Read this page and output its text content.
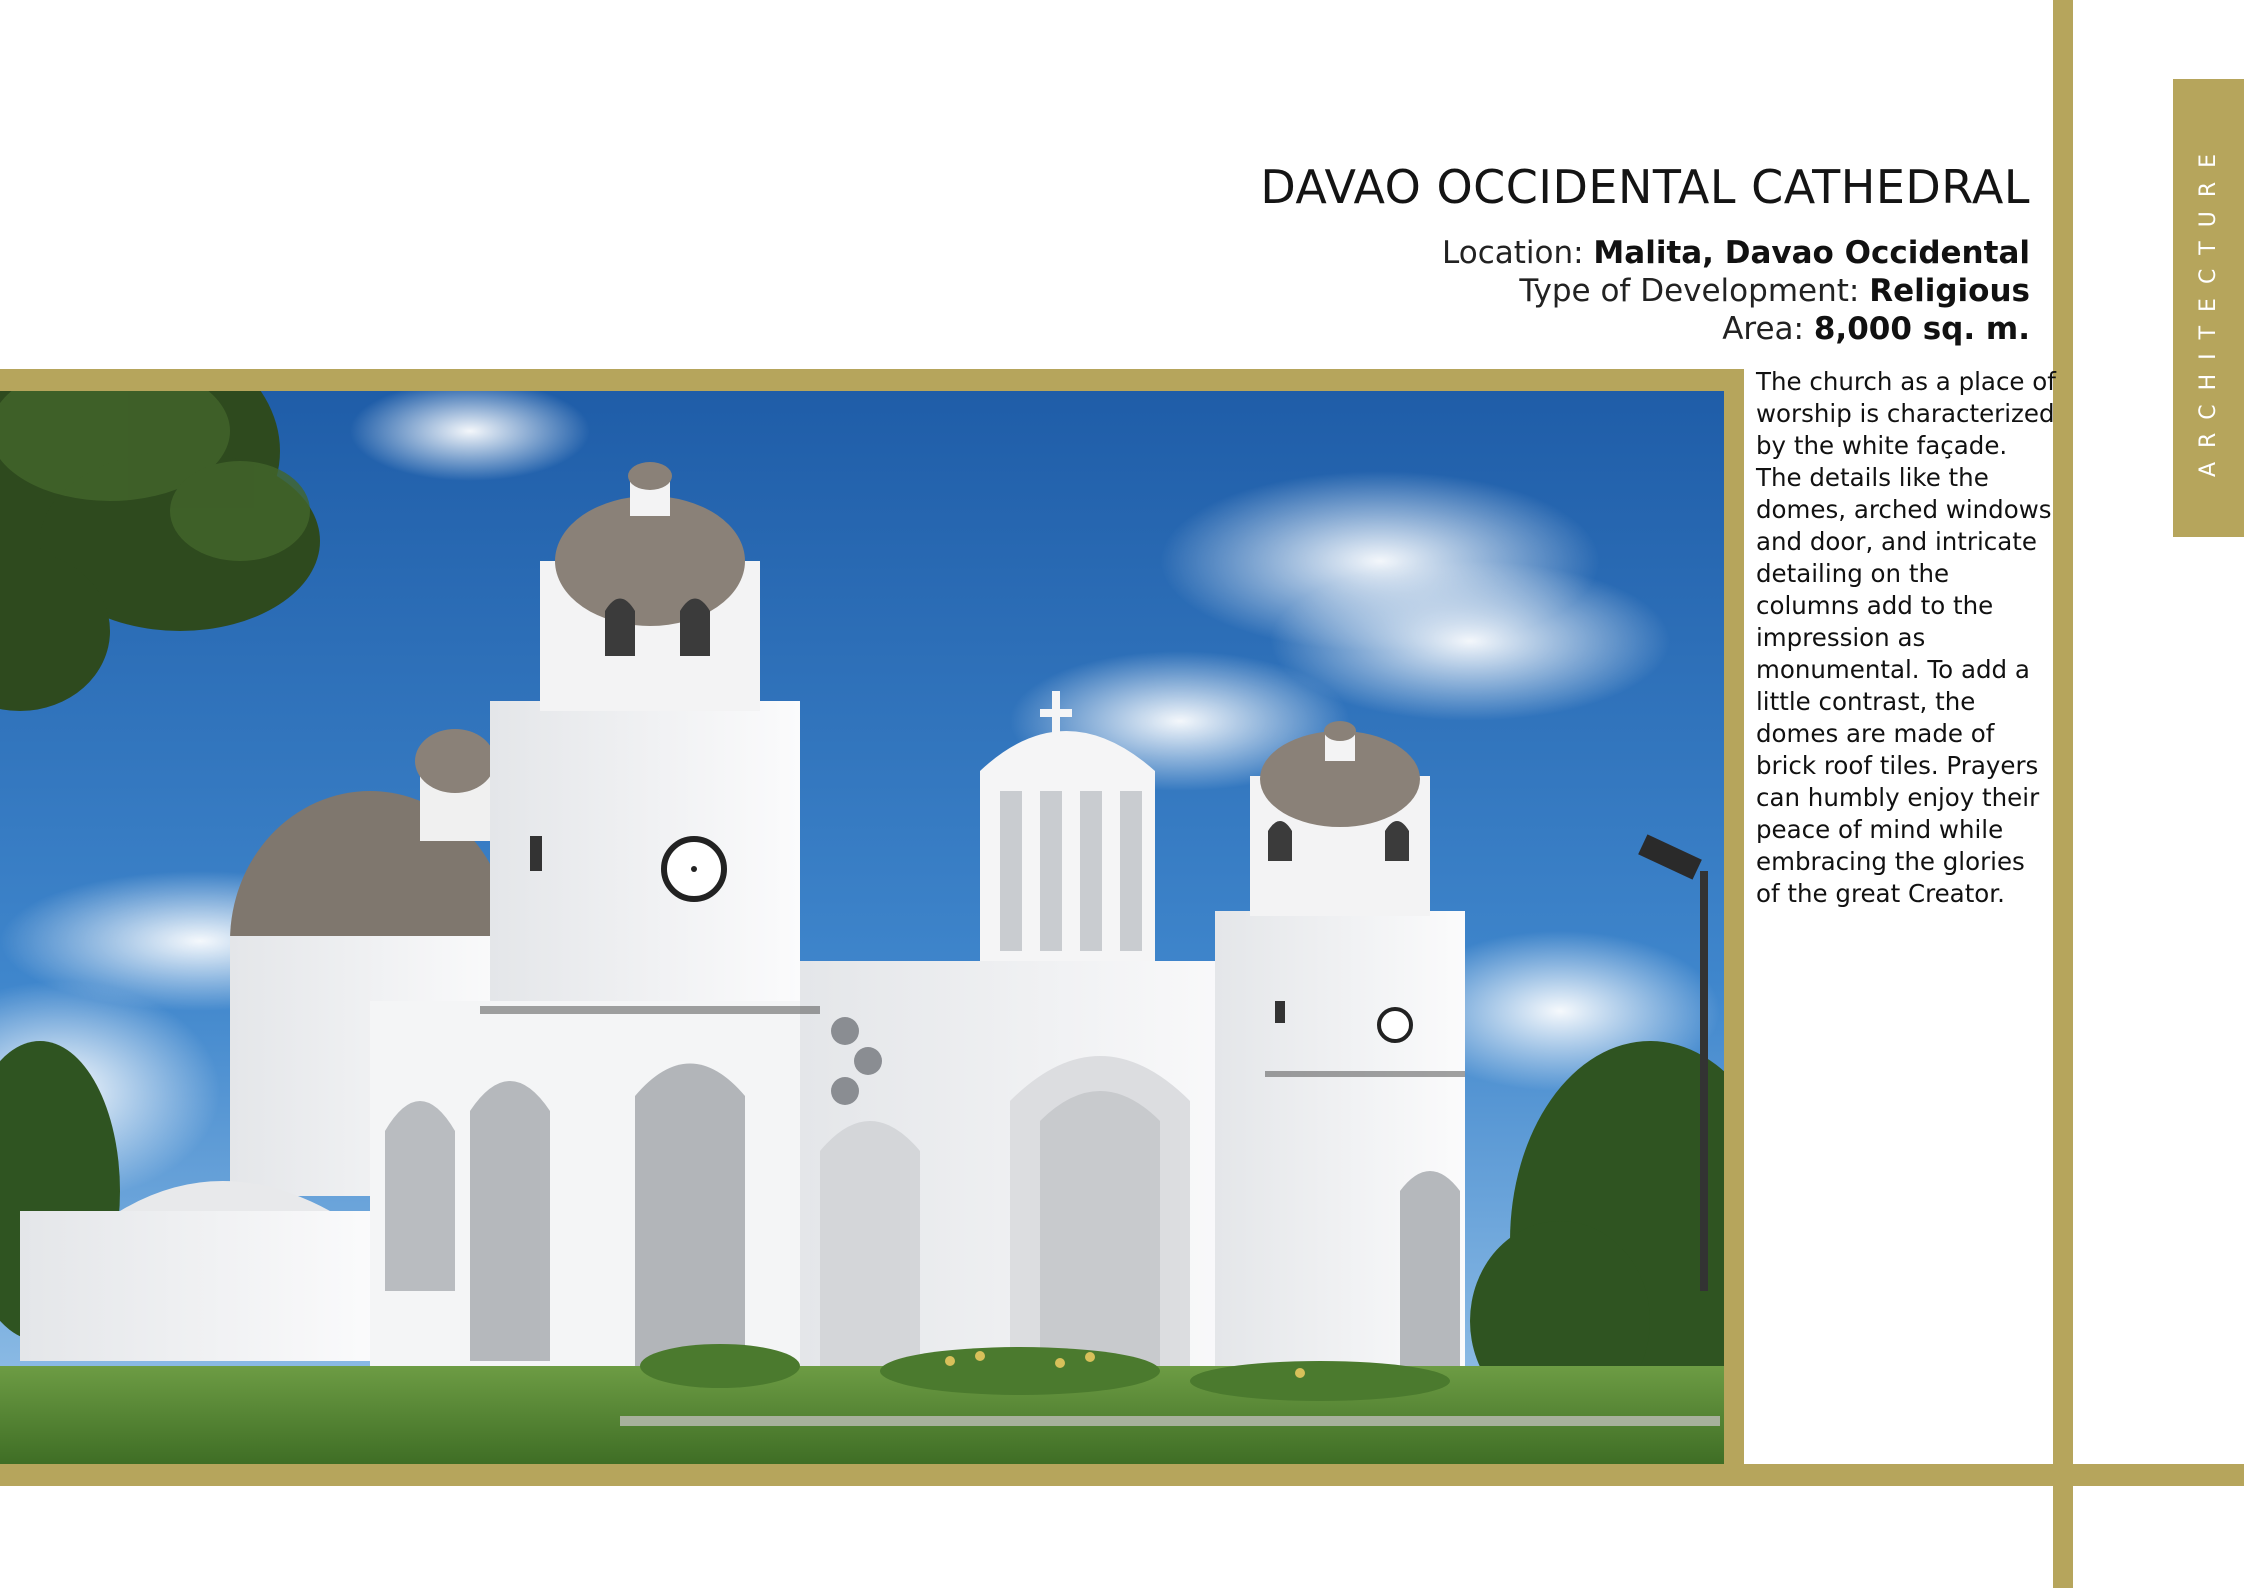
ARCHITECTURE
DAVAO OCCIDENTAL CATHEDRAL
Location: Malita, Davao Occidental
Type of Development: Religious
Area: 8,000 sq. m.
The church as a place of worship is characterized by the white façade. The details like the domes, arched windows and door, and intricate detailing on the columns add to the impression as monumental. To add a little contrast, the domes are made of brick roof tiles. Prayers can humbly enjoy their peace of mind while embracing the glories of the great Creator.
